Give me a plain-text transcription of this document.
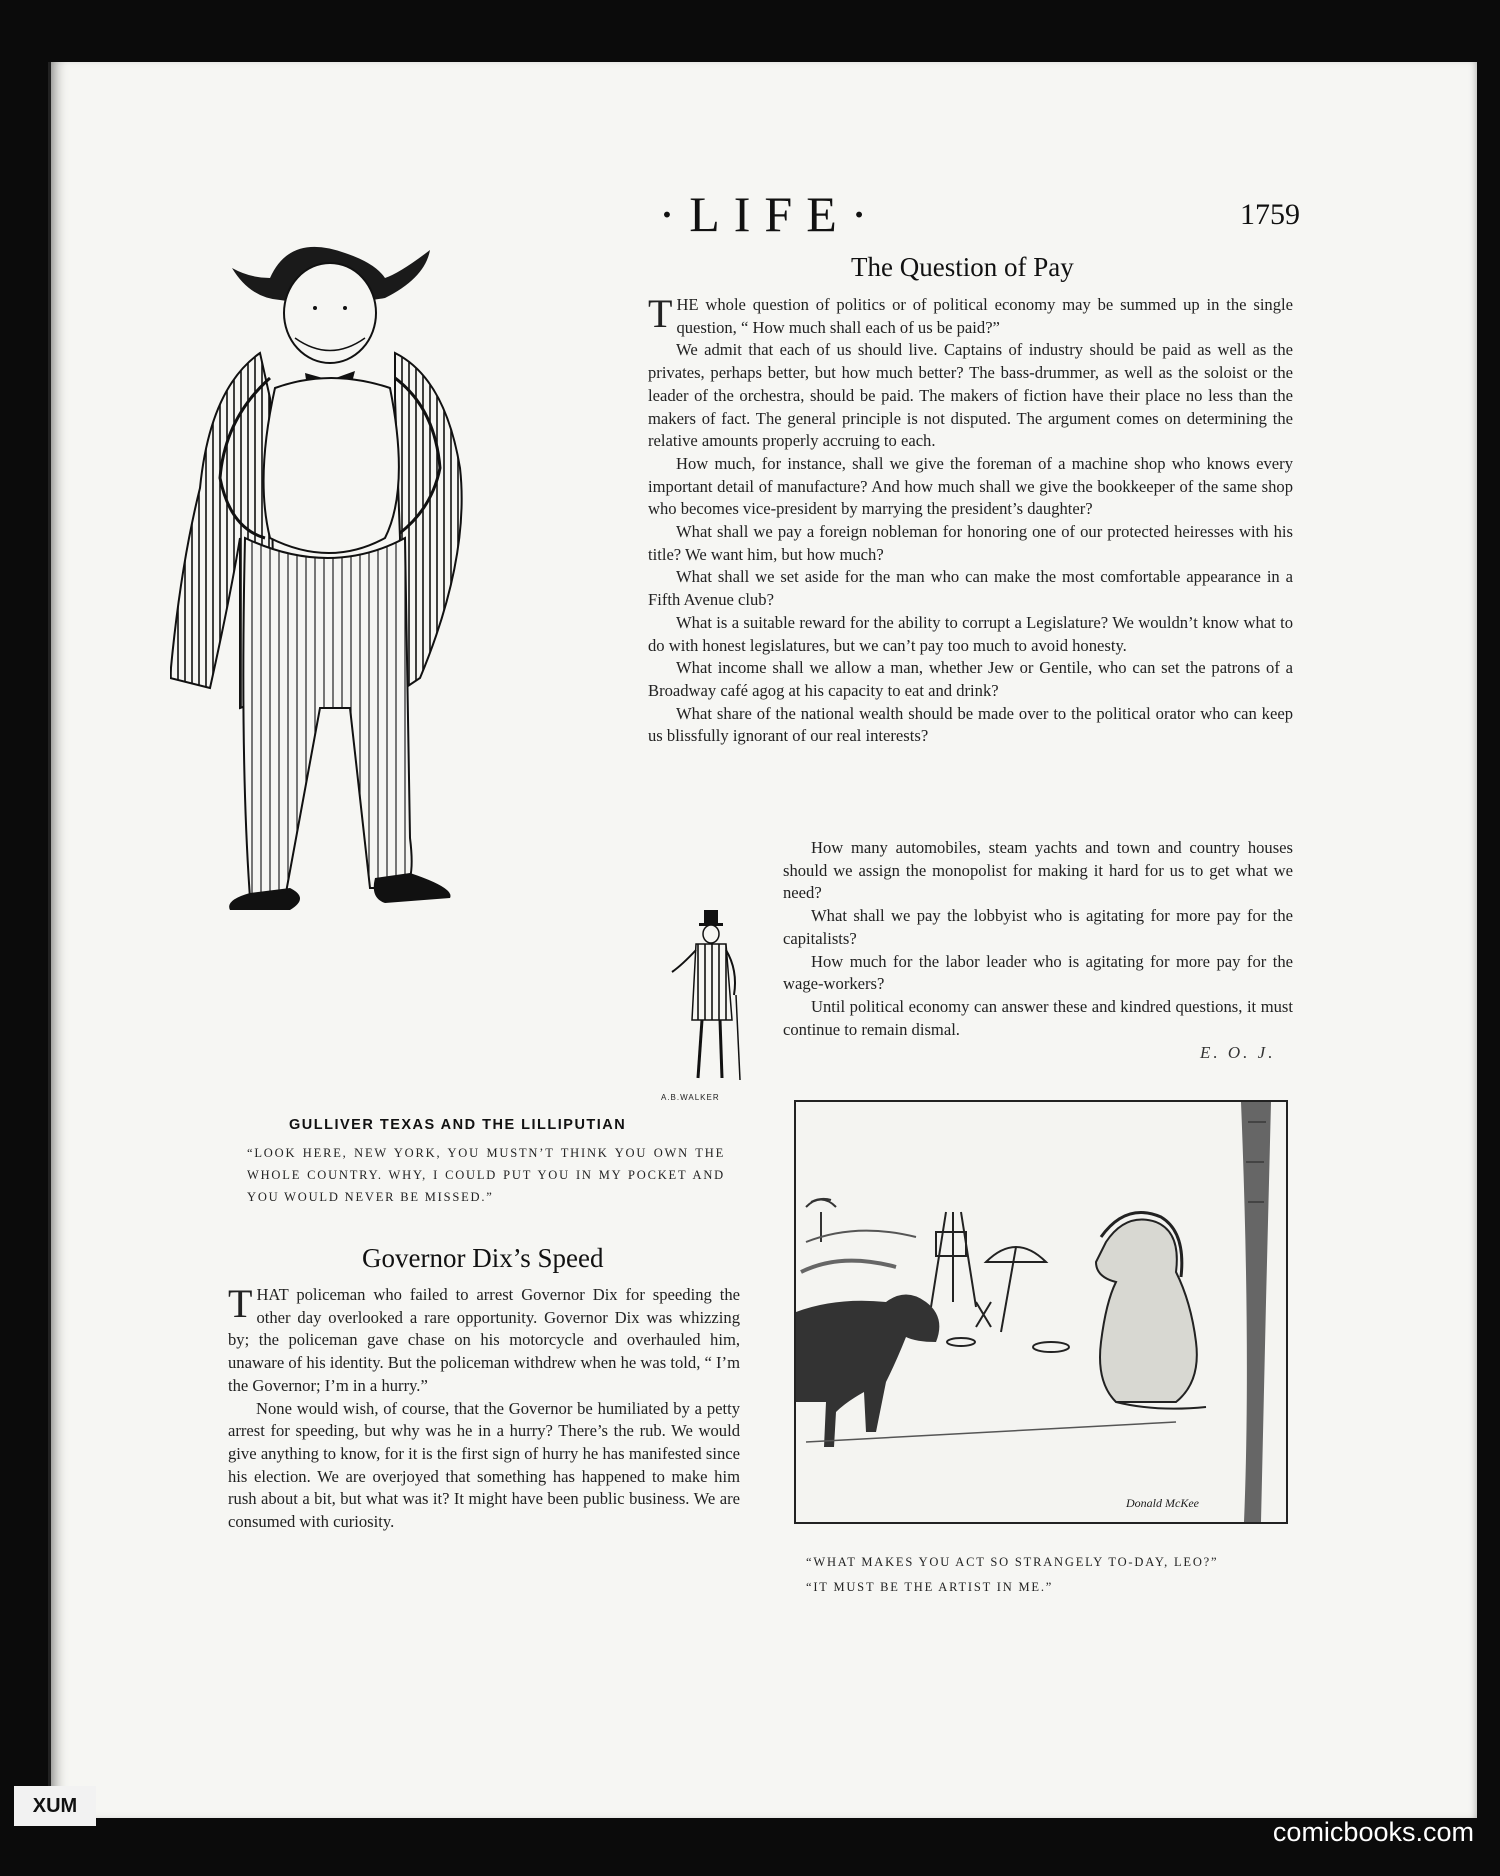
·LIFE·	1759
The Question of Pay

THE whole question of politics or of political economy may be summed up in the single question, “ How much shall each of us be paid?”

We admit that each of us should live. Captains of industry should be paid as well as the privates, perhaps better, but how much better? The bass-drummer, as well as the soloist or the leader of the orchestra, should be paid. The makers of fiction have their place no less than the makers of fact. The general principle is not disputed. The argument comes on determining the relative amounts properly accruing to each.

How much, for instance, shall we give the foreman of a machine shop who knows every important detail of manufacture? And how much shall we give the bookkeeper of the same shop who becomes vice-president by marrying the president’s daughter?

What shall we pay a foreign nobleman for honoring one of our protected heiresses with his title? We want him, but how much?

What shall we set aside for the man who can make the most comfortable appearance in a Fifth Avenue club?

What is a suitable reward for the ability to corrupt a Legislature? We wouldn’t know what to do with honest legislatures, but we can’t pay too much to avoid honesty.

What income shall we allow a man, whether Jew or Gentile, who can set the patrons of a Broadway café agog at his capacity to eat and drink?

What share of the national wealth should be made over to the political orator who can keep us blissfully ignorant of our real interests?

How many automobiles, steam yachts and town and country houses should we assign the monopolist for making it hard for us to get what we need?

What shall we pay the lobbyist who is agitating for more pay for the capitalists?

How much for the labor leader who is agitating for more pay for the wage-workers?

Until political economy can answer these and kindred questions, it must continue to remain dismal.

E. O. J.
A.B.WALKER
GULLIVER TEXAS AND THE LILLIPUTIAN
“LOOK HERE, NEW YORK, YOU MUSTN’T THINK YOU OWN THE WHOLE COUNTRY. WHY, I COULD PUT YOU IN MY POCKET AND YOU WOULD NEVER BE MISSED.”
Governor Dix’s Speed

THAT policeman who failed to arrest Governor Dix for speeding the other day overlooked a rare opportunity. Governor Dix was whizzing by; the policeman gave chase on his motorcycle and overhauled him, unaware of his identity. But the policeman withdrew when he was told, “ I’m the Governor; I’m in a hurry.”

None would wish, of course, that the Governor be humiliated by a petty arrest for speeding, but why was he in a hurry? There’s the rub. We would give anything to know, for it is the first sign of hurry he has manifested since his election. We are overjoyed that something has happened to make him rush about a bit, but what was it? It might have been public business. We are consumed with curiosity.

Donald McKee
“WHAT MAKES YOU ACT SO STRANGELY TO-DAY, LEO?”
“IT MUST BE THE ARTIST IN ME.”
XUM
comicbooks.com
